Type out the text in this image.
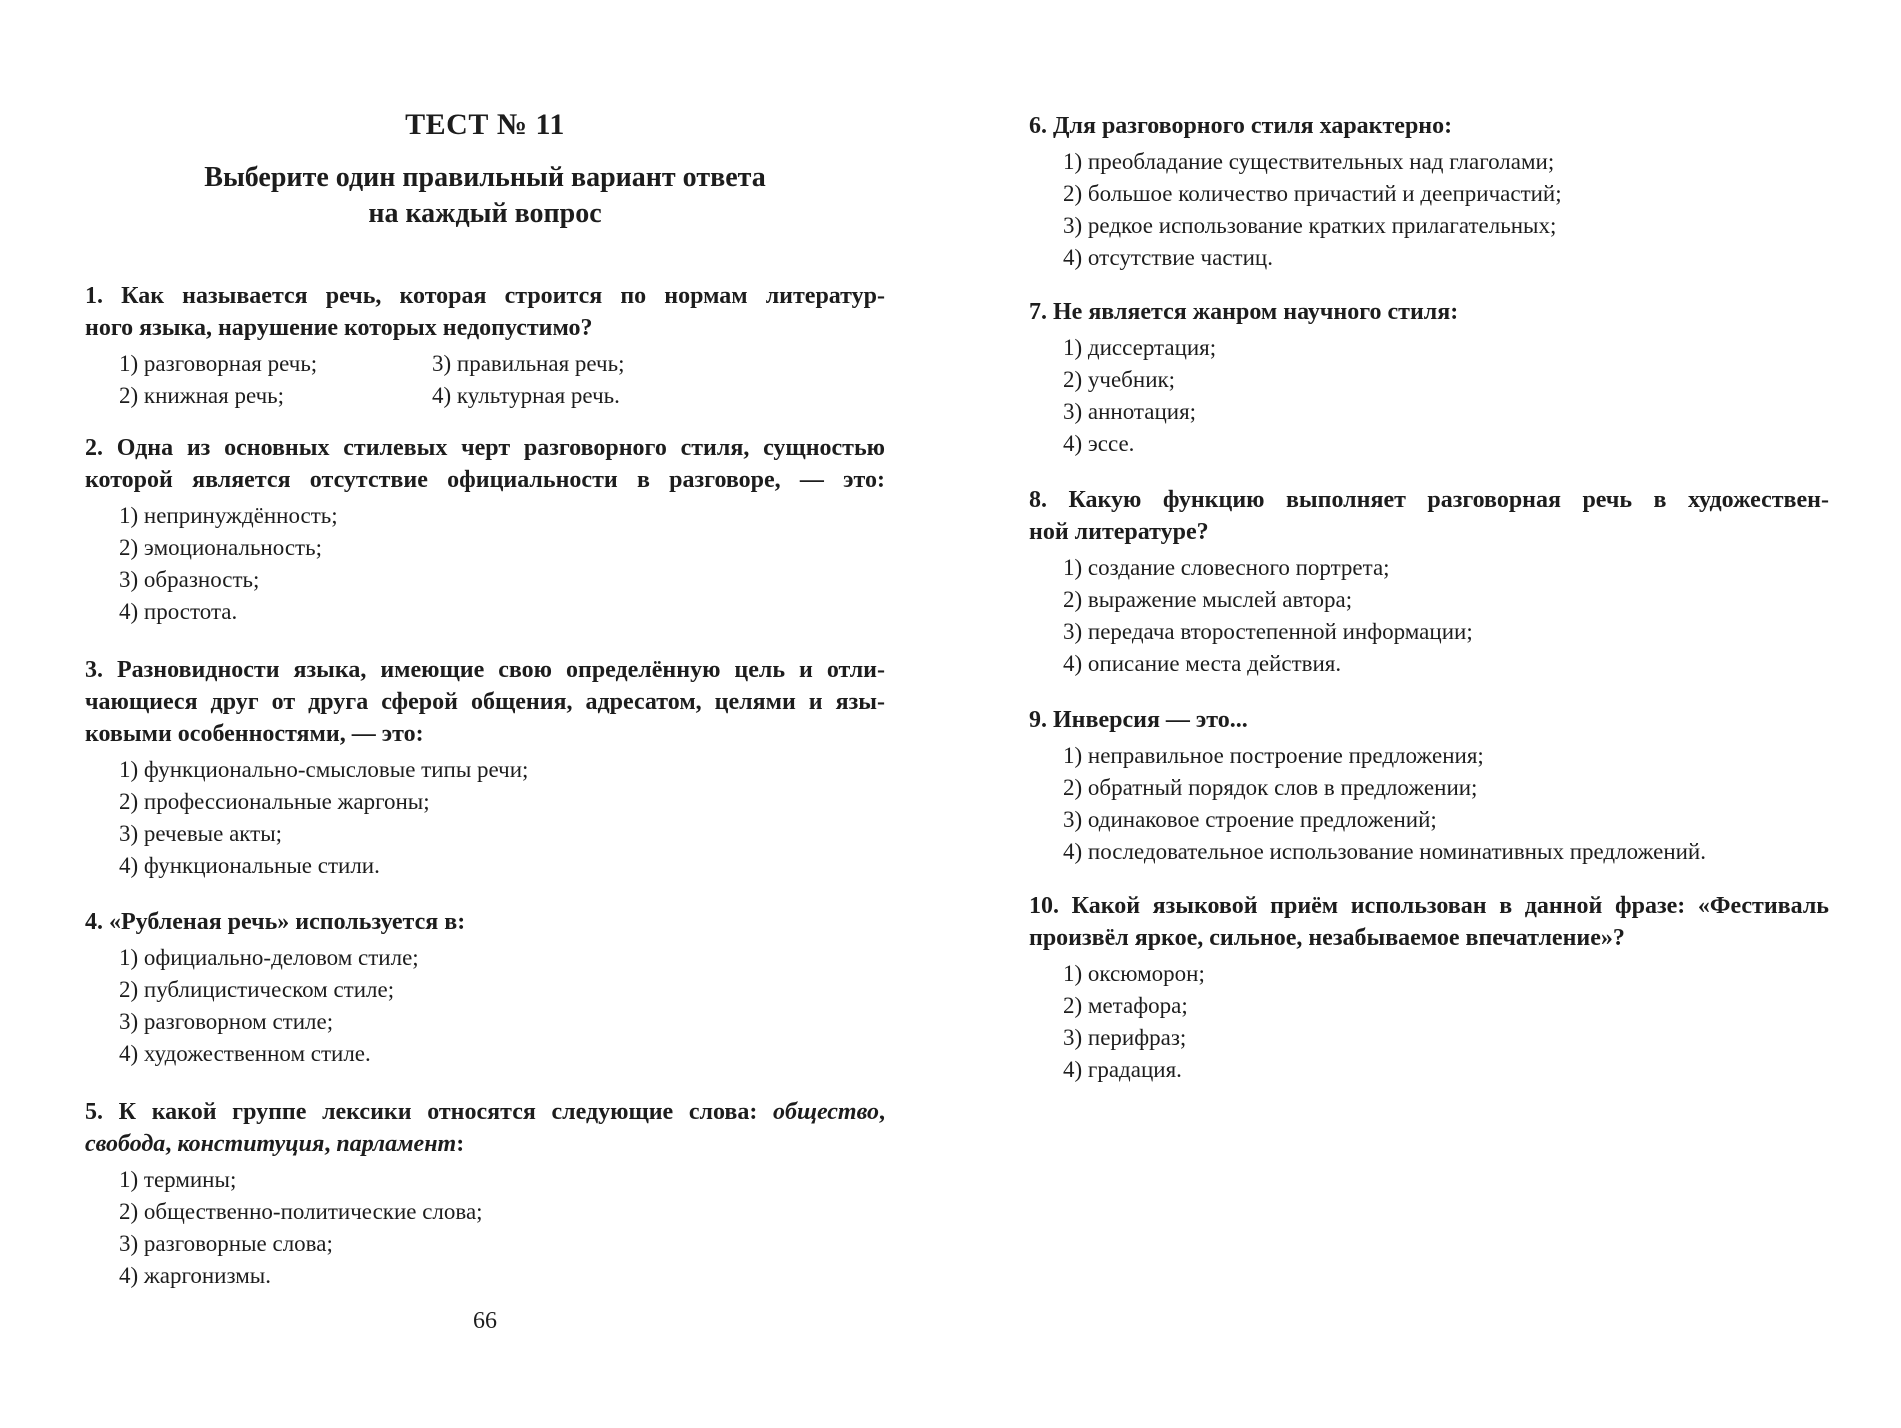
ТЕСТ № 11
Выберите один правильный вариант ответа
на каждый вопрос
1. Как называется речь, которая строится по нормам литератур-
ного языка, нарушение которых недопустимо?
1) разговорная речь;
2) книжная речь;
3) правильная речь;
4) культурная речь.
2. Одна из основных стилевых черт разговорного стиля, сущностью
которой является отсутствие официальности в разговоре, — это:
1) непринуждённость;
2) эмоциональность;
3) образность;
4) простота.
3. Разновидности языка, имеющие свою определённую цель и отли-
чающиеся друг от друга сферой общения, адресатом, целями и язы-
ковыми особенностями, — это:
1) функционально-смысловые типы речи;
2) профессиональные жаргоны;
3) речевые акты;
4) функциональные стили.
4. «Рубленая речь» используется в:
1) официально-деловом стиле;
2) публицистическом стиле;
3) разговорном стиле;
4) художественном стиле.
5. К какой группе лексики относятся следующие слова: общество,
свобода, конституция, парламент:
1) термины;
2) общественно-политические слова;
3) разговорные слова;
4) жаргонизмы.
66
6. Для разговорного стиля характерно:
1) преобладание существительных над глаголами;
2) большое количество причастий и деепричастий;
3) редкое использование кратких прилагательных;
4) отсутствие частиц.
7. Не является жанром научного стиля:
1) диссертация;
2) учебник;
3) аннотация;
4) эссе.
8. Какую функцию выполняет разговорная речь в художествен-
ной литературе?
1) создание словесного портрета;
2) выражение мыслей автора;
3) передача второстепенной информации;
4) описание места действия.
9. Инверсия — это...
1) неправильное построение предложения;
2) обратный порядок слов в предложении;
3) одинаковое строение предложений;
4) последовательное использование номинативных предложений.
10. Какой языковой приём использован в данной фразе: «Фестиваль
произвёл яркое, сильное, незабываемое впечатление»?
1) оксюморон;
2) метафора;
3) перифраз;
4) градация.
